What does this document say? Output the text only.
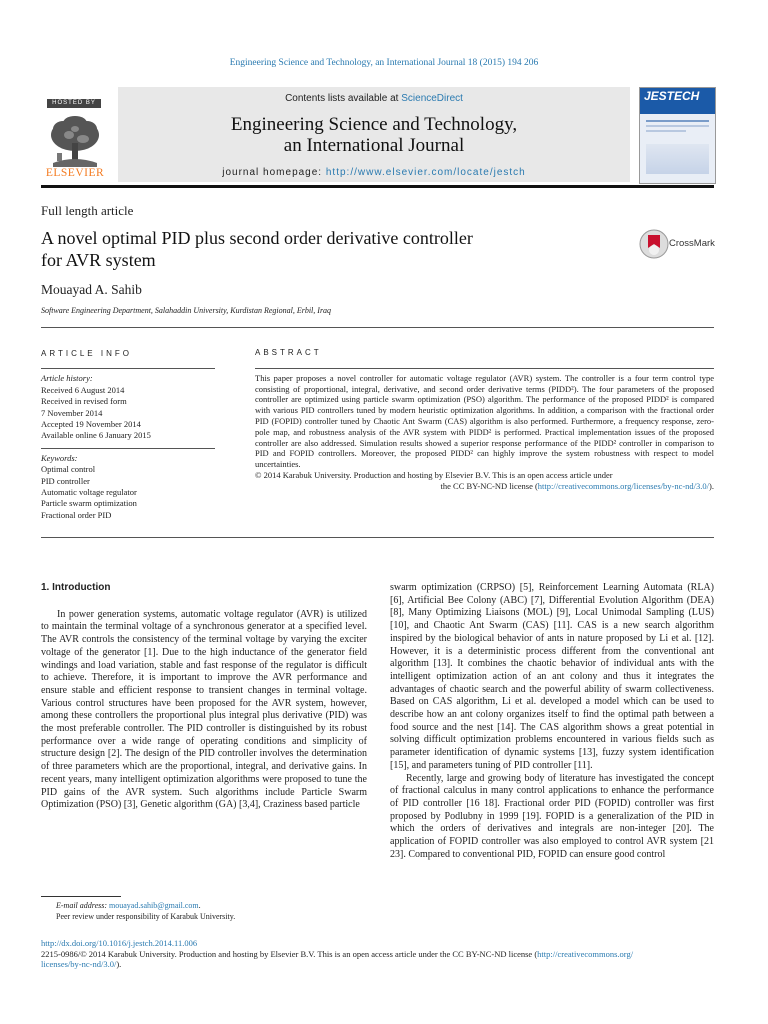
Engineering Science and Technology, an International Journal 18 (2015) 194 206
HOSTED BY
ELSEVIER
Contents lists available at ScienceDirect
Engineering Science and Technology,
an International Journal
journal homepage: http://www.elsevier.com/locate/jestch
JESTECH
Full length article
A novel optimal PID plus second order derivative controller
for AVR system
CrossMark
Mouayad A. Sahib
Software Engineering Department, Salahaddin University, Kurdistan Regional, Erbil, Iraq
ARTICLE INFO
Article history:
Received 6 August 2014
Received in revised form
7 November 2014
Accepted 19 November 2014
Available online 6 January 2015
Keywords:
Optimal control
PID controller
Automatic voltage regulator
Particle swarm optimization
Fractional order PID
ABSTRACT
This paper proposes a novel controller for automatic voltage regulator (AVR) system. The controller is a four term control type consisting of proportional, integral, derivative, and second order derivative terms (PIDD²). The four parameters of the proposed controller are optimized using particle swarm optimization (PSO) algorithm. The performance of the proposed PIDD² is compared with various PID controllers tuned by modern heuristic optimization algorithms. In addition, a comparison with the fractional order PID (FOPID) controller tuned by Chaotic Ant Swarm (CAS) algorithm is also performed. Furthermore, a frequency response, zero-pole map, and robustness analysis of the AVR system with PIDD² is performed. Practical implementation issues of the proposed controller are also addressed. Simulation results showed a superior response performance of the PIDD² controller in comparison to PID and FOPID controllers. Moreover, the proposed PIDD² can highly improve the system robustness with respect to model uncertainties.
© 2014 Karabuk University. Production and hosting by Elsevier B.V. This is an open access article under
the CC BY-NC-ND license (http://creativecommons.org/licenses/by-nc-nd/3.0/).
1. Introduction

In power generation systems, automatic voltage regulator (AVR) is utilized to maintain the terminal voltage of a synchronous generator at a specified level. The AVR controls the consistency of the terminal voltage by varying the exciter voltage of the generator [1]. Due to the high inductance of the generator field windings and load variation, stable and fast response of the regulator is difficult to achieve. Therefore, it is important to improve the AVR performance and ensure stable and efficient response to transient changes in terminal voltage. Various control structures have been proposed for the AVR system, however, among these controllers the proportional plus integral plus derivative (PID) was the most preferable controller. The PID controller is distinguished by its robust performance over a wide range of operating conditions and simplicity of structure design [2]. The design of the PID controller involves the determination of three parameters which are the proportional, integral, and derivative gains. In recent years, many intelligent optimization algorithms were proposed to tune the PID gains of the AVR system. Such algorithms include Particle Swarm Optimization (PSO) [3], Genetic algorithm (GA) [3,4], Craziness based particle

swarm optimization (CRPSO) [5], Reinforcement Learning Automata (RLA) [6], Artificial Bee Colony (ABC) [7], Differential Evolution Algorithm (DEA) [8], Many Optimizing Liaisons (MOL) [9], Local Unimodal Sampling (LUS) [10], and Chaotic Ant Swarm (CAS) [11]. CAS is a new search algorithm inspired by the biological behavior of ants in nature proposed by Li et al. [12]. However, it is a deterministic process different from the conventional ant algorithm [13]. It combines the chaotic behavior of individual ants with the intelligent optimization action of an ant colony and thus it integrates the advantages of chaotic search and the powerful ability of swarm collectiveness. Based on CAS algorithm, Li et al. developed a model which can be used to describe how an ant colony organizes itself to find the optimal path between a food source and the nest [14]. The CAS algorithm shows a great potential in solving difficult optimization problems encountered in various fields such as parameter identification of dynamic systems [13], fuzzy system identification [15], and parameters tuning of PID controller [11].

Recently, large and growing body of literature has investigated the concept of fractional calculus in many control applications to enhance the performance of PID controller [16 18]. Fractional order PID (FOPID) controller was first proposed by Podlubny in 1999 [19]. FOPID is a generalization of the PID in which the orders of derivatives and integrals are non-integer [20]. The application of FOPID controller was also employed to control AVR system [21 23]. Compared to conventional PID, FOPID can ensure good control

E-mail address: mouayad.sahib@gmail.com.
Peer review under responsibility of Karabuk University.
http://dx.doi.org/10.1016/j.jestch.2014.11.006
2215-0986/© 2014 Karabuk University. Production and hosting by Elsevier B.V. This is an open access article under the CC BY-NC-ND license (http://creativecommons.org/
licenses/by-nc-nd/3.0/).
